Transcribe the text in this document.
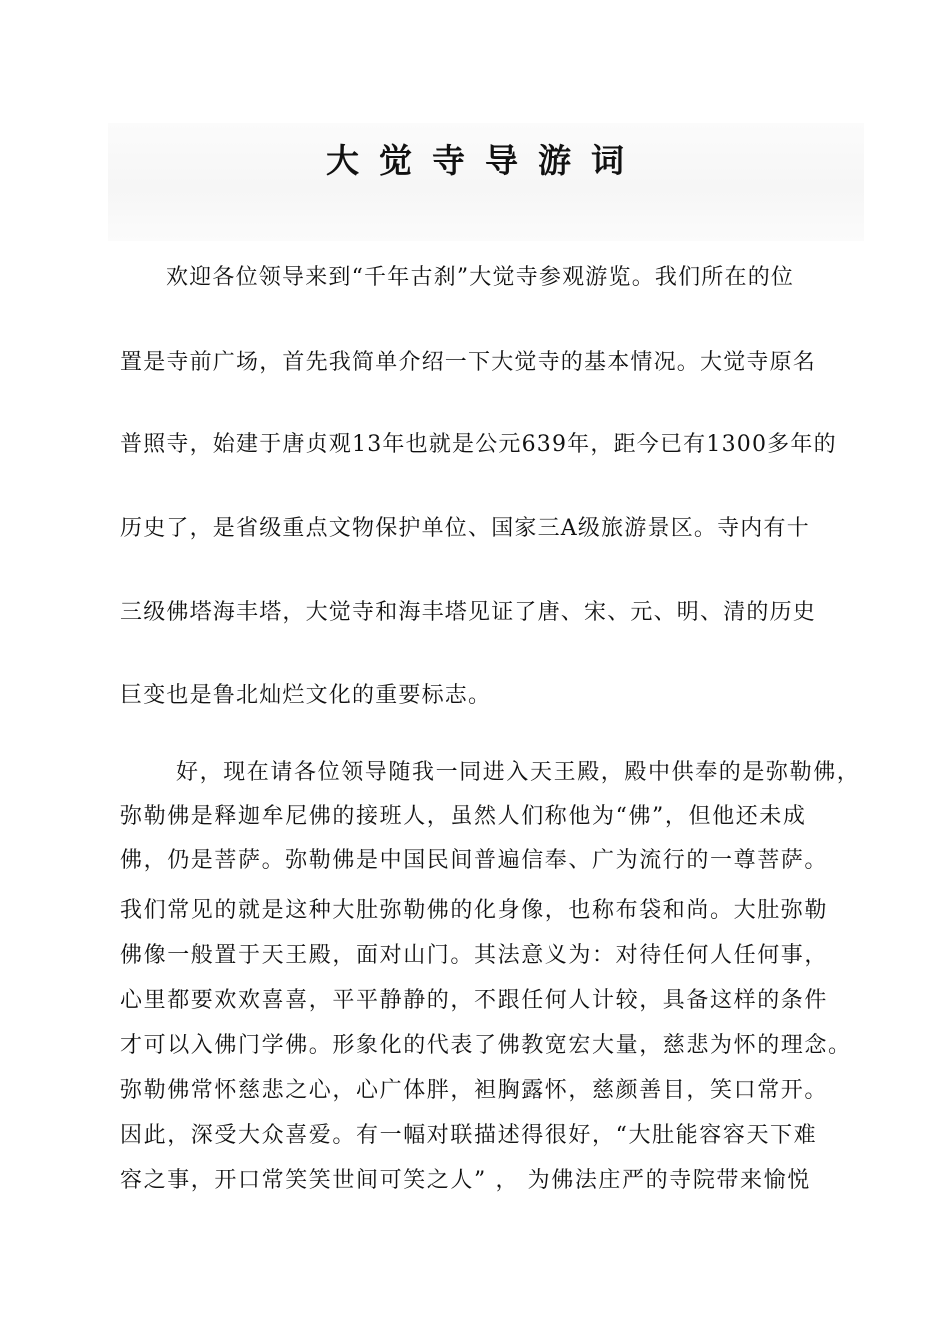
大觉寺导游词
欢迎各位领导来到“千年古刹”大觉寺参观游览。我们所在的位
置是寺前广场，首先我简单介绍一下大觉寺的基本情况。大觉寺原名
普照寺，始建于唐贞观13年也就是公元639年，距今已有1300多年的
历史了，是省级重点文物保护单位、国家三A级旅游景区。寺内有十
三级佛塔海丰塔，大觉寺和海丰塔见证了唐、宋、元、明、清的历史
巨变也是鲁北灿烂文化的重要标志。
好，现在请各位领导随我一同进入天王殿，殿中供奉的是弥勒佛，
弥勒佛是释迦牟尼佛的接班人，虽然人们称他为“佛”，但他还未成
佛，仍是菩萨。弥勒佛是中国民间普遍信奉、广为流行的一尊菩萨。
我们常见的就是这种大肚弥勒佛的化身像，也称布袋和尚。大肚弥勒
佛像一般置于天王殿，面对山门。其法意义为：对待任何人任何事，
心里都要欢欢喜喜，平平静静的，不跟任何人计较，具备这样的条件
才可以入佛门学佛。形象化的代表了佛教宽宏大量，慈悲为怀的理念。
弥勒佛常怀慈悲之心，心广体胖，袒胸露怀，慈颜善目，笑口常开。
因此，深受大众喜爱。有一幅对联描述得很好，“大肚能容容天下难
容之事，开口常笑笑世间可笑之人” ， 为佛法庄严的寺院带来愉悦
